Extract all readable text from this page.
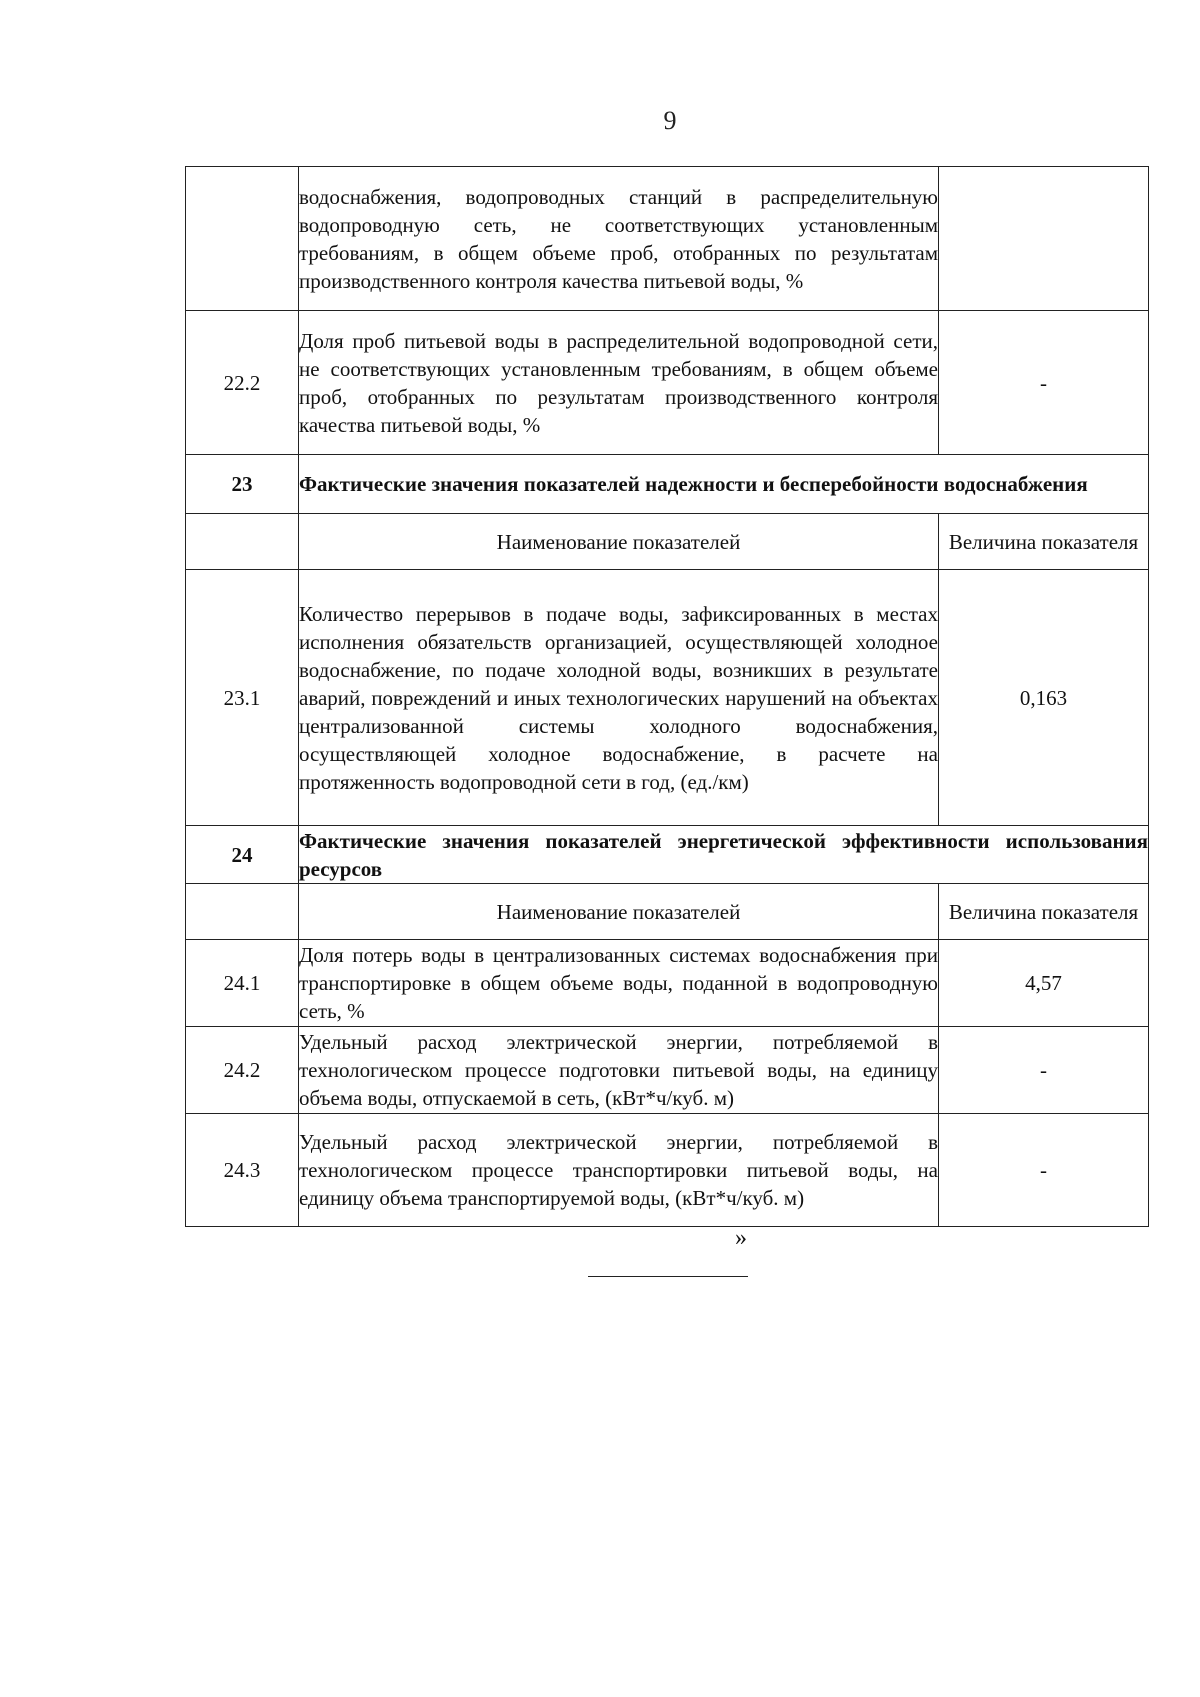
9
	водоснабжения, водопроводных станций в распределительную водопроводную сеть, не соответствующих установленным требованиям, в общем объеме проб, отобранных по результатам производственного контроля качества питьевой воды, %	
22.2	Доля проб питьевой воды в распределительной водопроводной сети, не соответствующих установленным требованиям, в общем объеме проб, отобранных по результатам производственного контроля качества питьевой воды, %	-
23	Фактические значения показателей надежности и бесперебойности водоснабжения	
	Наименование показателей	Величина показателя
23.1	Количество перерывов в подаче воды, зафиксированных в местах исполнения обязательств организацией, осуществляющей холодное водоснабжение, по подаче холодной воды, возникших в результате аварий, повреждений и иных технологических нарушений на объектах централизованной системы холодного водоснабжения, осуществляющей холодное водоснабжение, в расчете на протяженность водопроводной сети в год, (ед./км)	0,163
24	Фактические значения показателей энергетической эффективности использования ресурсов	
	Наименование показателей	Величина показателя
24.1	Доля потерь воды в централизованных системах водоснабжения при транспортировке в общем объеме воды, поданной в водопроводную сеть, %	4,57
24.2	Удельный расход электрической энергии, потребляемой в технологическом процессе подготовки питьевой воды, на единицу объема воды, отпускаемой в сеть, (кВт*ч/куб. м)	-
24.3	Удельный расход электрической энергии, потребляемой в технологическом процессе транспортировки питьевой воды, на единицу объема транспортируемой воды, (кВт*ч/куб. м)	-
»
